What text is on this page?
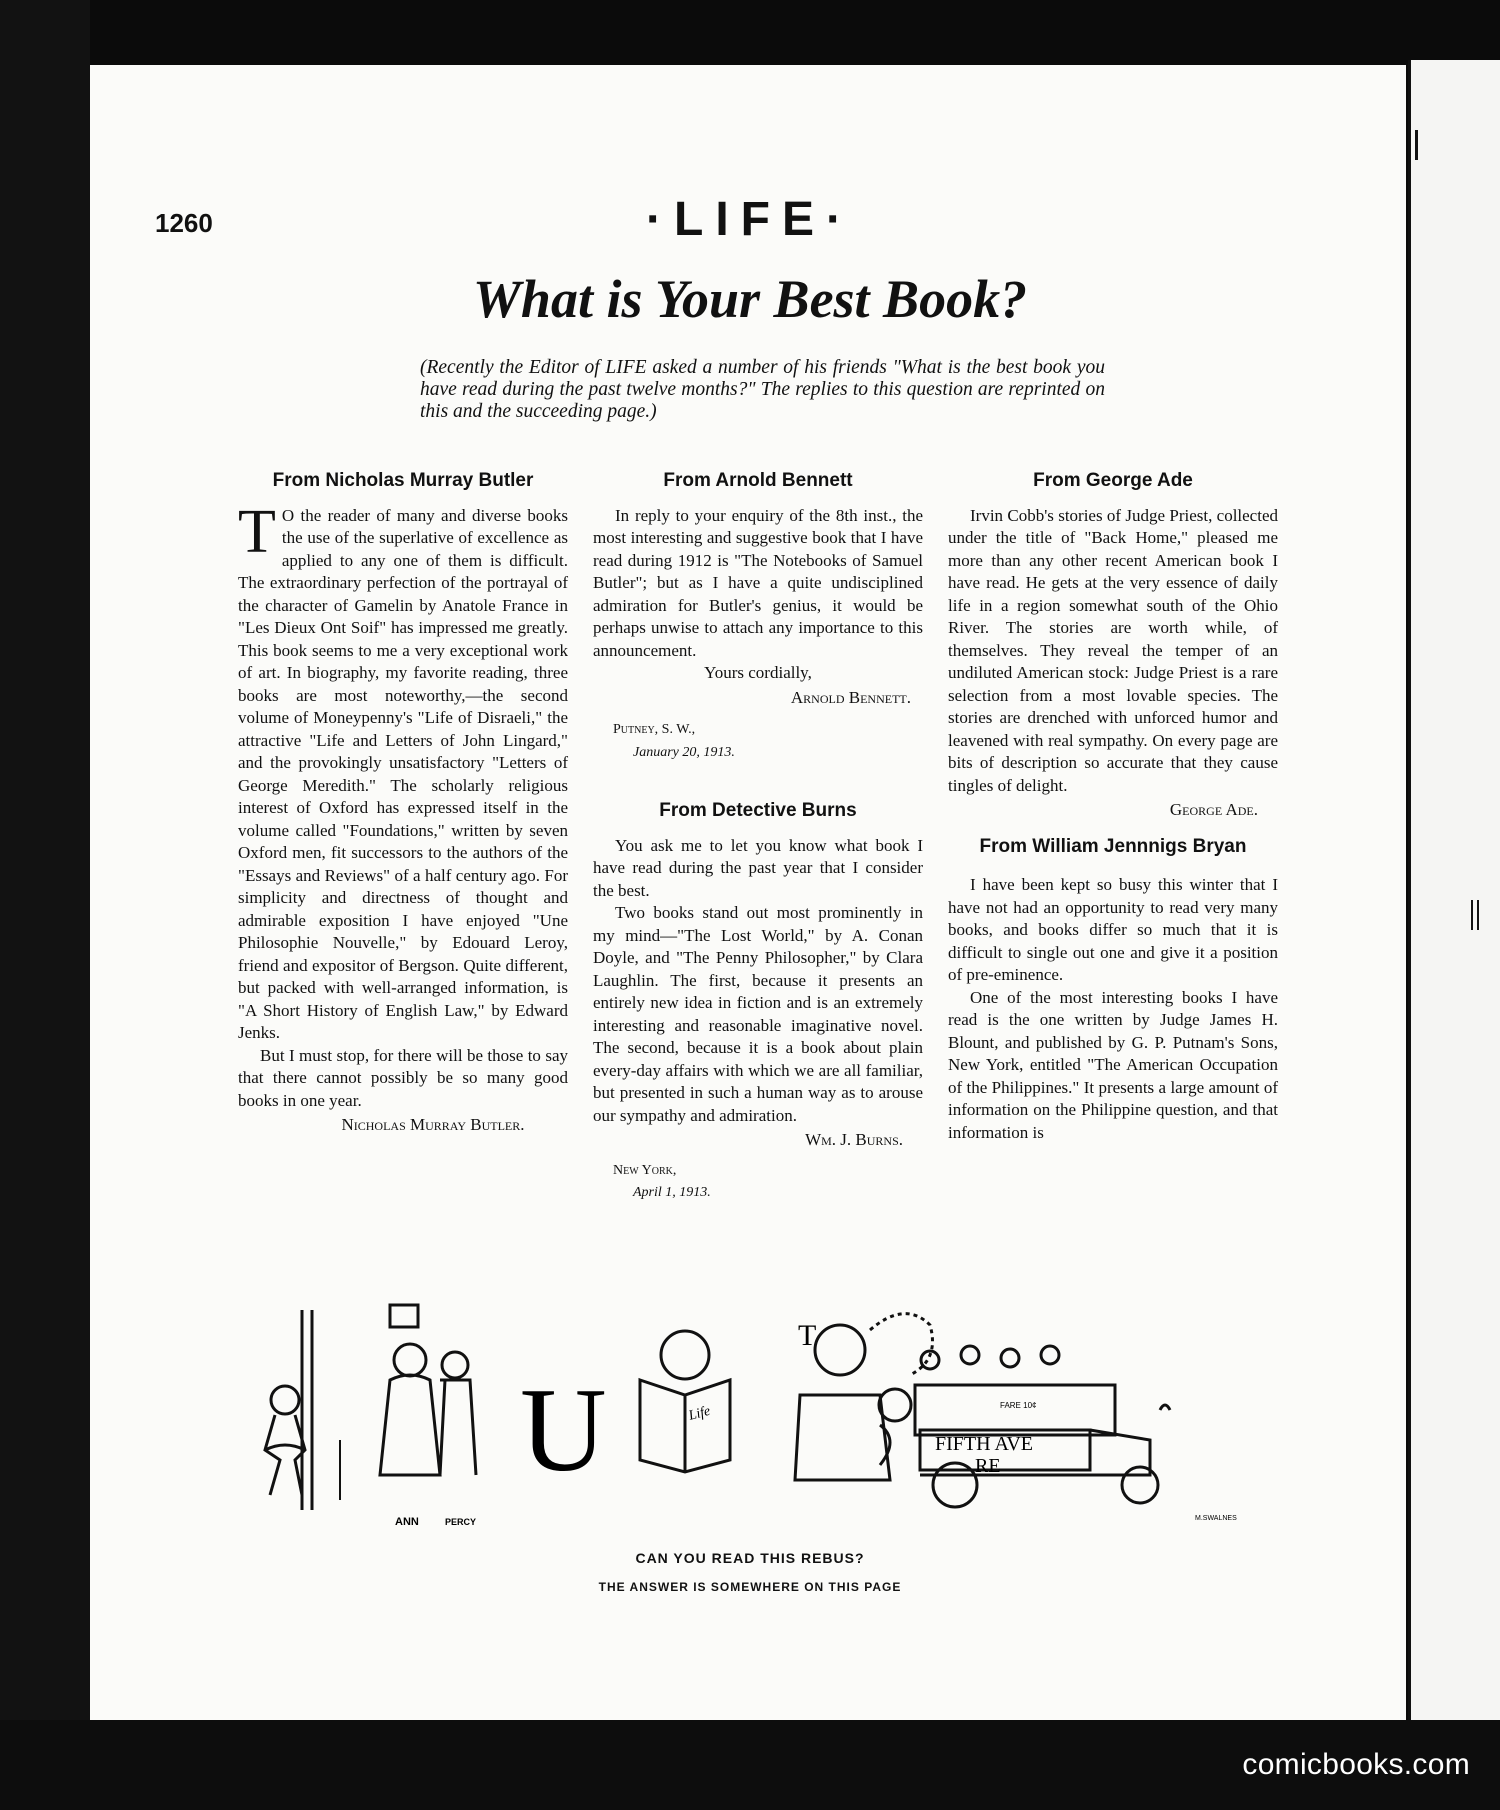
1260	·LIFE·
What is Your Best Book?
(Recently the Editor of LIFE asked a number of his friends "What is the best book you have read during the past twelve months?" The replies to this question are reprinted on this and the succeeding page.)
From Nicholas Murray Butler

T O the reader of many and diverse books the use of the superlative of excellence as applied to any one of them is difficult. The extraordinary perfection of the portrayal of the character of Gamelin by Anatole France in "Les Dieux Ont Soif" has impressed me greatly. This book seems to me a very exceptional work of art. In biography, my favorite reading, three books are most noteworthy,—the second volume of Moneypenny's "Life of Disraeli," the attractive "Life and Letters of John Lingard," and the provokingly unsatisfactory "Letters of George Meredith." The scholarly religious interest of Oxford has expressed itself in the volume called "Foundations," written by seven Oxford men, fit successors to the authors of the "Essays and Reviews" of a half century ago. For simplicity and directness of thought and admirable exposition I have enjoyed "Une Philosophie Nouvelle," by Edouard Leroy, friend and expositor of Bergson. Quite different, but packed with well-arranged information, is "A Short History of English Law," by Edward Jenks.

But I must stop, for there will be those to say that there cannot possibly be so many good books in one year.

Nicholas Murray Butler.
From Arnold Bennett

In reply to your enquiry of the 8th inst., the most interesting and suggestive book that I have read during 1912 is "The Notebooks of Samuel Butler"; but as I have a quite undisciplined admiration for Butler's genius, it would be perhaps unwise to attach any importance to this announcement.

Yours cordially,
Arnold Bennett.
Putney, S. W.,
January 20, 1913.
From Detective Burns

You ask me to let you know what book I have read during the past year that I consider the best.

Two books stand out most prominently in my mind—"The Lost World," by A. Conan Doyle, and "The Penny Philosopher," by Clara Laughlin. The first, because it presents an entirely new idea in fiction and is an extremely interesting and reasonable imaginative novel. The second, because it is a book about plain every-day affairs with which we are all familiar, but presented in such a human way as to arouse our sympathy and admiration.

Wm. J. Burns.
New York,
April 1, 1913.
From George Ade

Irvin Cobb's stories of Judge Priest, collected under the title of "Back Home," pleased me more than any other recent American book I have read. He gets at the very essence of daily life in a region somewhat south of the Ohio River. The stories are worth while, of themselves. They reveal the temper of an undiluted American stock: Judge Priest is a rare selection from a most lovable species. The stories are drenched with unforced humor and leavened with real sympathy. On every page are bits of description so accurate that they cause tingles of delight.

George Ade.
From William Jennnigs Bryan

I have been kept so busy this winter that I have not had an opportunity to read very many books, and books differ so much that it is difficult to single out one and give it a position of pre-eminence.

One of the most interesting books I have read is the one written by Judge James H. Blount, and published by G. P. Putnam's Sons, New York, entitled "The American Occupation of the Philippines." It presents a large amount of information on the Philippine question, and that information is

ANN	PERCY
U	Life
T
FARE 10¢
FIFTH AVE
RE
M.SWALNES
CAN YOU READ THIS REBUS?
THE ANSWER IS SOMEWHERE ON THIS PAGE
comicbooks.com
